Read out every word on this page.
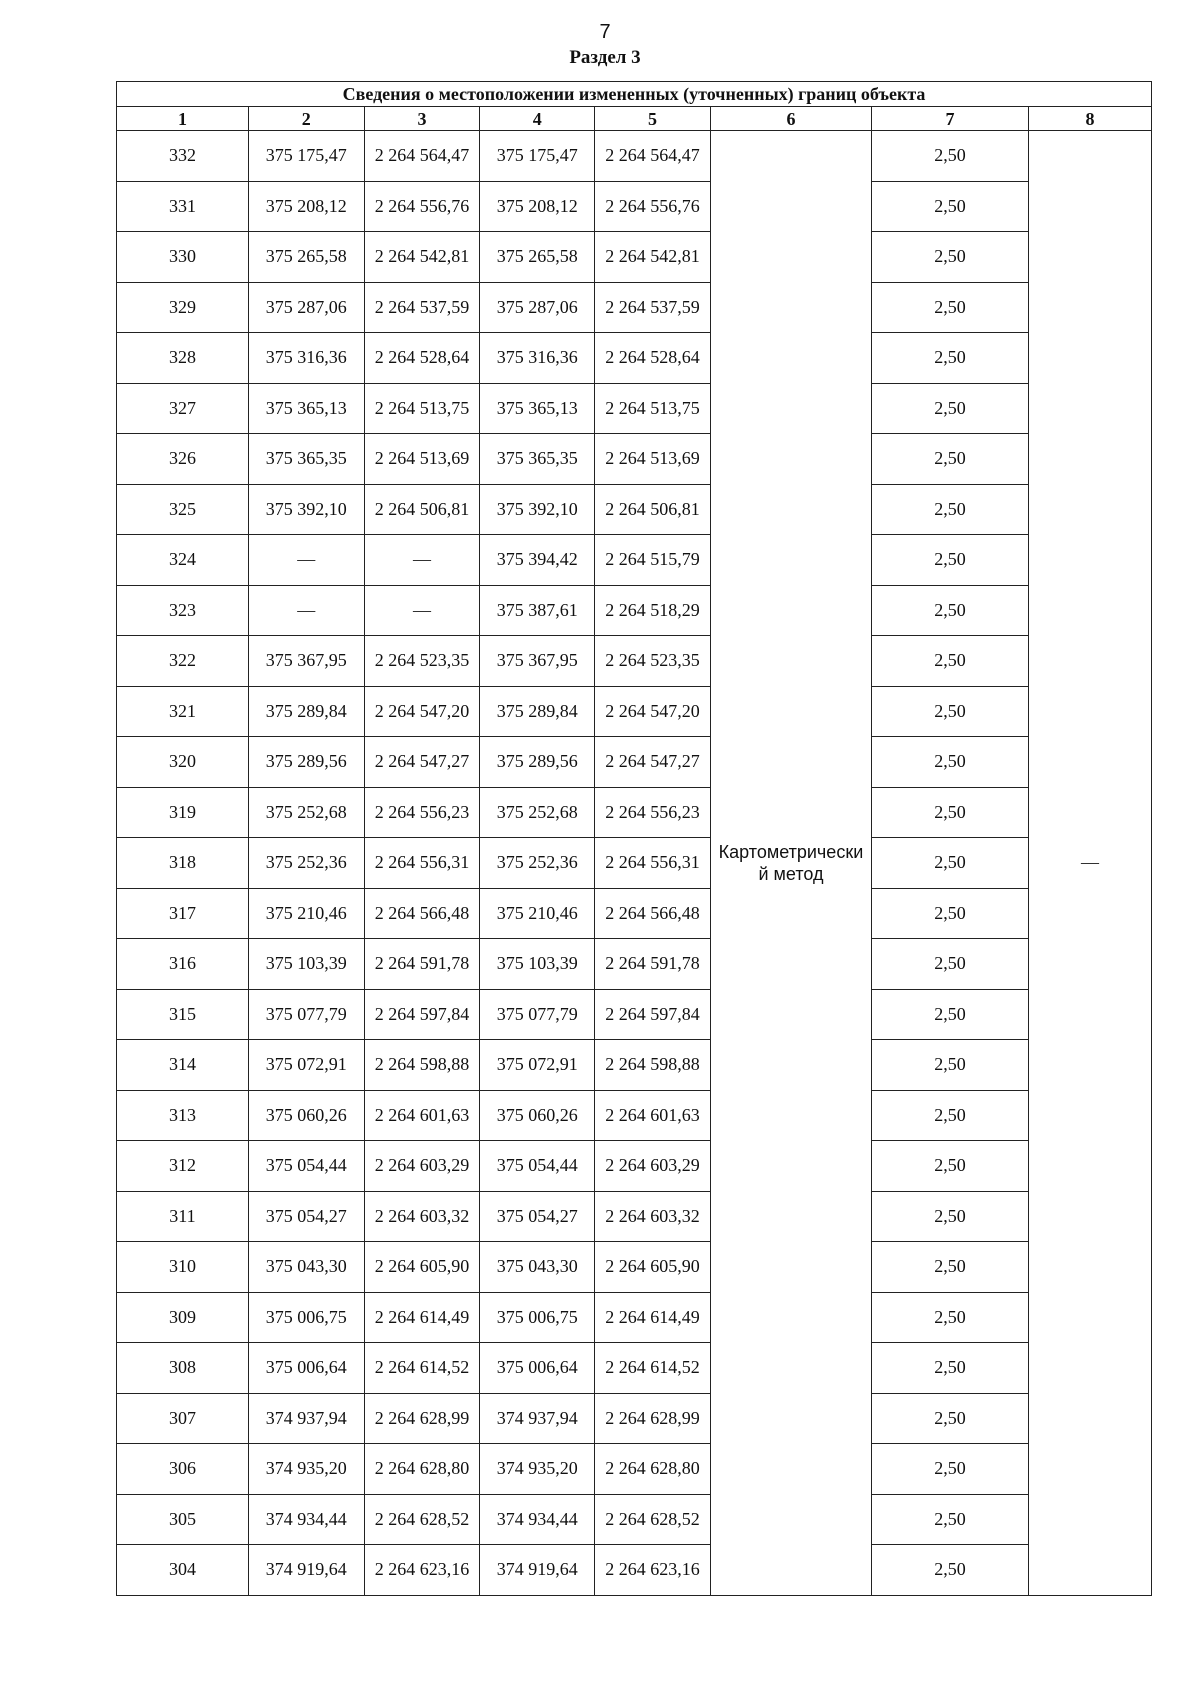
7
Раздел 3
Сведения о местоположении измененных (уточненных) границ объекта							
1	2	3	4	5	6	7	8
332	375 175,47	2 264 564,47	375 175,47	2 264 564,47	Картометрически й метод	2,50	—
331	375 208,12	2 264 556,76	375 208,12	2 264 556,76		2,50	
330	375 265,58	2 264 542,81	375 265,58	2 264 542,81		2,50	
329	375 287,06	2 264 537,59	375 287,06	2 264 537,59		2,50	
328	375 316,36	2 264 528,64	375 316,36	2 264 528,64		2,50	
327	375 365,13	2 264 513,75	375 365,13	2 264 513,75		2,50	
326	375 365,35	2 264 513,69	375 365,35	2 264 513,69		2,50	
325	375 392,10	2 264 506,81	375 392,10	2 264 506,81		2,50	
324	—	—	375 394,42	2 264 515,79		2,50	
323	—	—	375 387,61	2 264 518,29		2,50	
322	375 367,95	2 264 523,35	375 367,95	2 264 523,35		2,50	
321	375 289,84	2 264 547,20	375 289,84	2 264 547,20		2,50	
320	375 289,56	2 264 547,27	375 289,56	2 264 547,27		2,50	
319	375 252,68	2 264 556,23	375 252,68	2 264 556,23		2,50	
318	375 252,36	2 264 556,31	375 252,36	2 264 556,31		2,50	
317	375 210,46	2 264 566,48	375 210,46	2 264 566,48		2,50	
316	375 103,39	2 264 591,78	375 103,39	2 264 591,78		2,50	
315	375 077,79	2 264 597,84	375 077,79	2 264 597,84		2,50	
314	375 072,91	2 264 598,88	375 072,91	2 264 598,88		2,50	
313	375 060,26	2 264 601,63	375 060,26	2 264 601,63		2,50	
312	375 054,44	2 264 603,29	375 054,44	2 264 603,29		2,50	
311	375 054,27	2 264 603,32	375 054,27	2 264 603,32		2,50	
310	375 043,30	2 264 605,90	375 043,30	2 264 605,90		2,50	
309	375 006,75	2 264 614,49	375 006,75	2 264 614,49		2,50	
308	375 006,64	2 264 614,52	375 006,64	2 264 614,52		2,50	
307	374 937,94	2 264 628,99	374 937,94	2 264 628,99		2,50	
306	374 935,20	2 264 628,80	374 935,20	2 264 628,80		2,50	
305	374 934,44	2 264 628,52	374 934,44	2 264 628,52		2,50	
304	374 919,64	2 264 623,16	374 919,64	2 264 623,16		2,50	
